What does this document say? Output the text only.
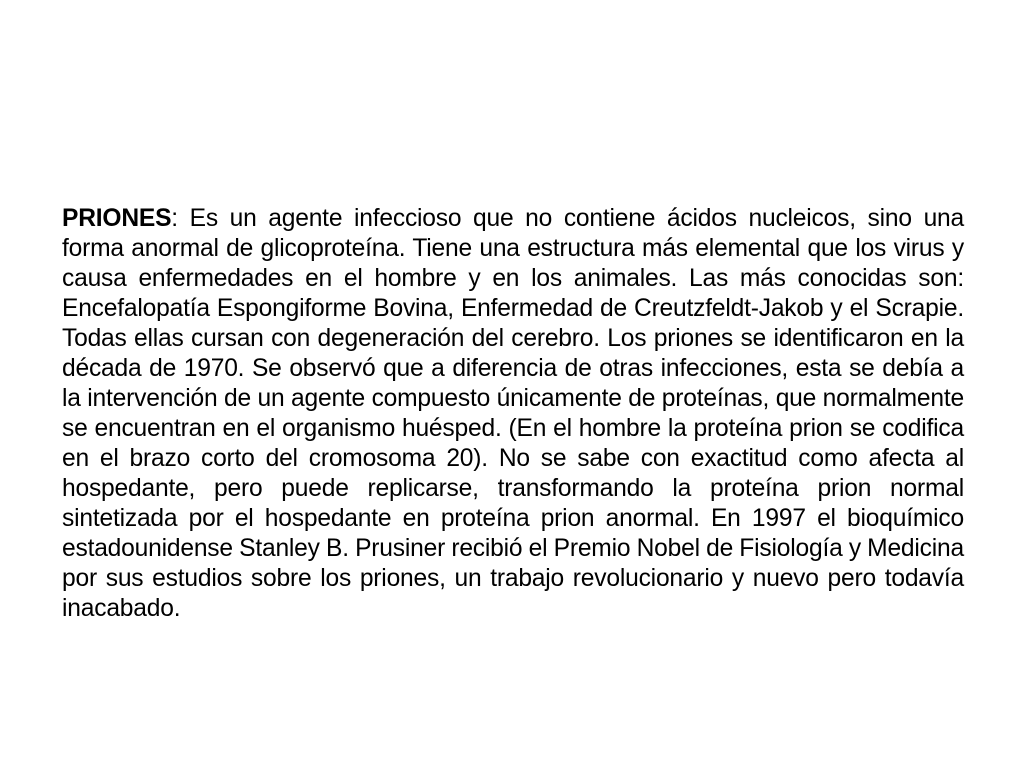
PRIONES: Es un agente infeccioso que no contiene ácidos nucleicos, sino una forma anormal de glicoproteína. Tiene una estructura más elemental que los virus y causa enfermedades en el hombre y en los animales. Las más conocidas son: Encefalopatía Espongiforme Bovina, Enfermedad de Creutzfeldt-Jakob y el Scrapie. Todas ellas cursan con degeneración del cerebro. Los priones se identificaron en la década de 1970. Se observó que a diferencia de otras infecciones, esta se debía a la intervención de un agente compuesto únicamente de proteínas, que normalmente se encuentran en el organismo huésped. (En el hombre la proteína prion se codifica en el brazo corto del cromosoma 20). No se sabe con exactitud como afecta al hospedante, pero puede replicarse, transformando la proteína prion normal sintetizada por el hospedante en proteína prion anormal. En 1997 el bioquímico estadounidense Stanley B. Prusiner recibió el Premio Nobel de Fisiología y Medicina por sus estudios sobre los priones, un trabajo revolucionario y nuevo pero todavía inacabado.
